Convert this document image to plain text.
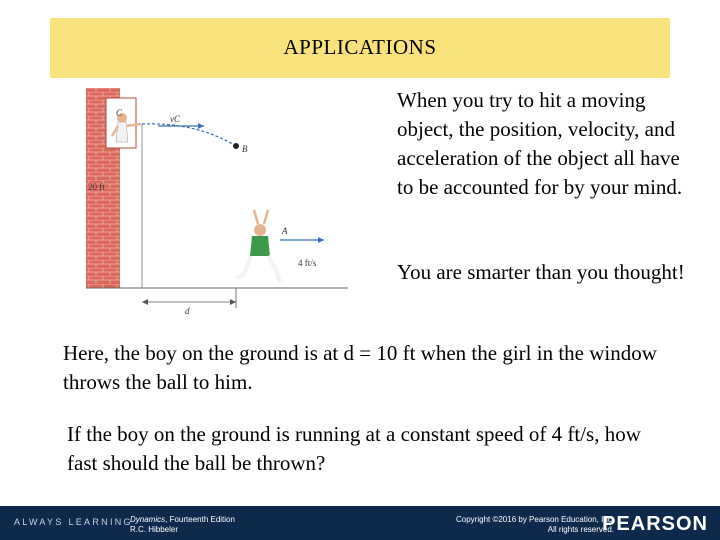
APPLICATIONS
C
vC
B
20 ft
A
4 ft/s
d

When you try to hit a moving object, the position, velocity, and acceleration of the object all have to be accounted for by your mind.

You are smarter than you thought!

Here, the boy on the ground is at d = 10 ft when the girl in the window throws the ball to him.

If the boy on the ground is running at a constant speed of 4 ft/s, how fast should the ball be thrown?

ALWAYS LEARNING
Dynamics, Fourteenth Edition
R.C. Hibbeler
Copyright ©2016 by Pearson Education, Inc.
All rights reserved.
PEARSON
